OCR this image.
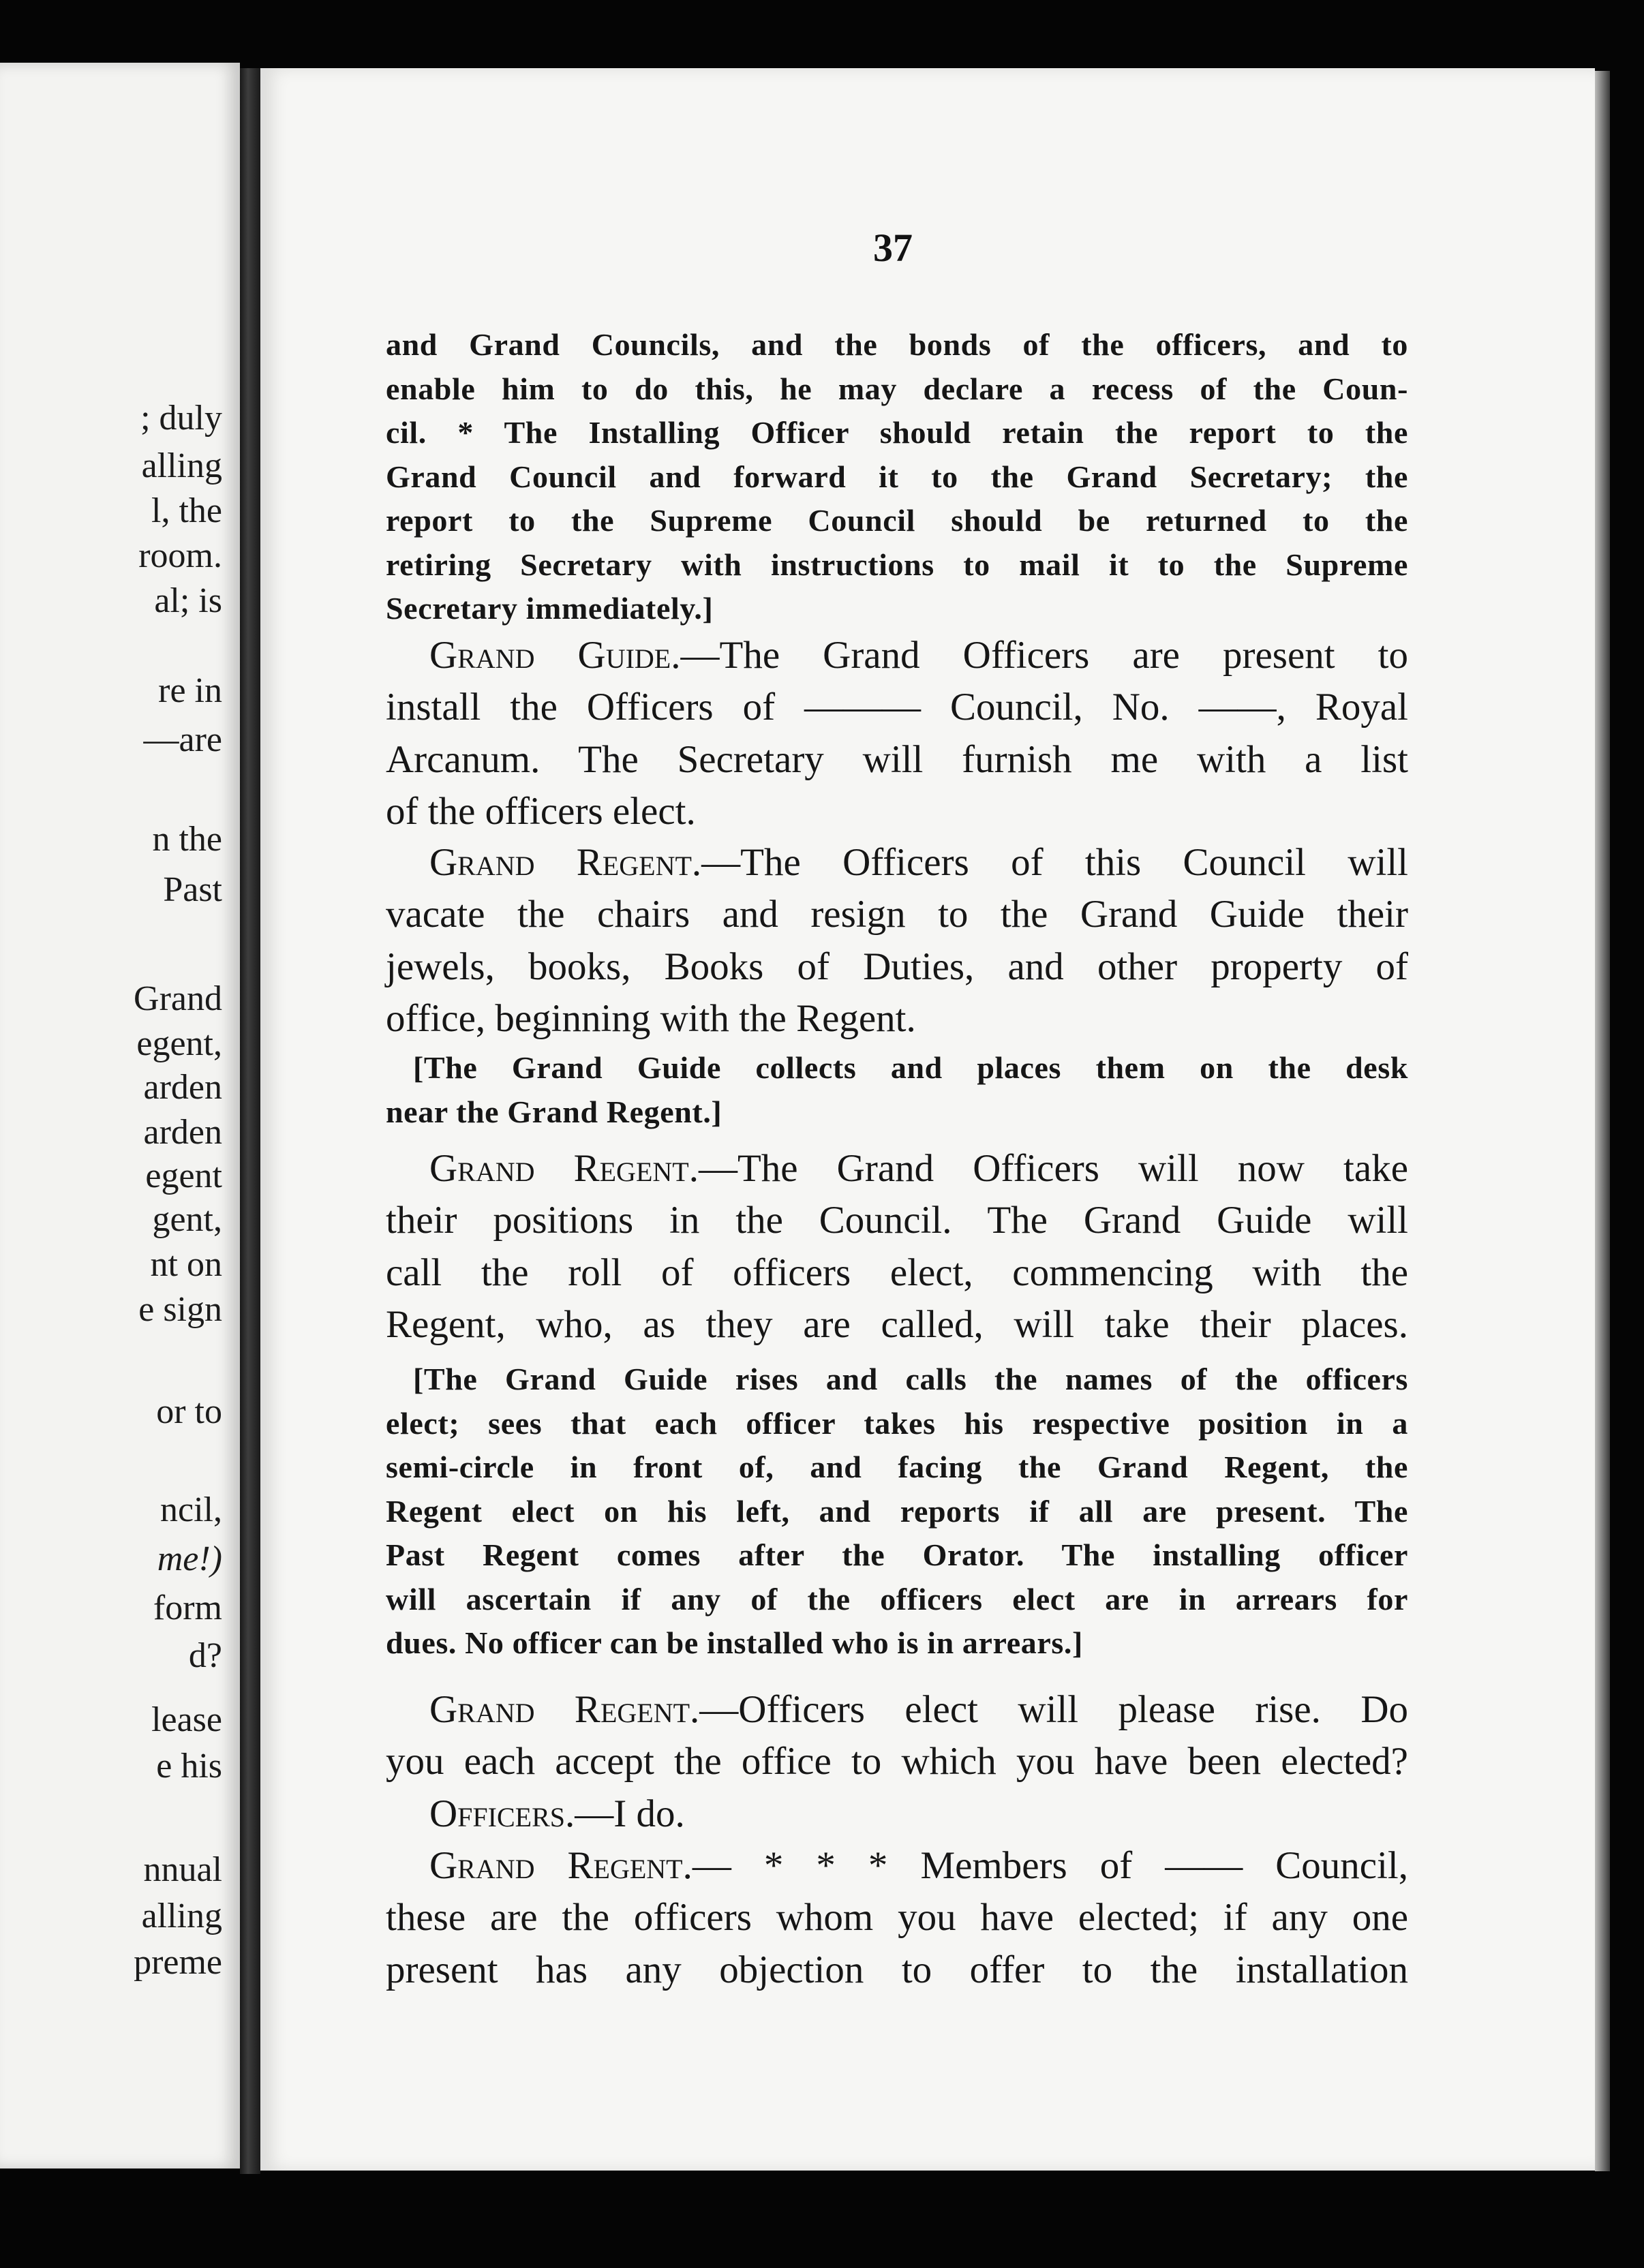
; duly
alling
l, the
room.
al; is
re in
—are
n the
Past
Grand
egent,
arden
arden
egent
gent,
nt on
e sign
or to
ncil,
me!)
form
d?
lease
e his
nnual
alling
preme
37
and Grand Councils, and the bonds of the officers, and to
enable him to do this, he may declare a recess of the Coun-
cil. * The Installing Officer should retain the report to the
Grand Council and forward it to the Grand Secretary; the
report to the Supreme Council should be returned to the
retiring Secretary with instructions to mail it to the Supreme
Secretary immediately.]
Grand Guide.—The Grand Officers are present to
install the Officers of ——— Council, No. ——, Royal
Arcanum. The Secretary will furnish me with a list
of the officers elect.
Grand Regent.—The Officers of this Council will
vacate the chairs and resign to the Grand Guide their
jewels, books, Books of Duties, and other property of
office, beginning with the Regent.
[The Grand Guide collects and places them on the desk
near the Grand Regent.]
Grand Regent.—The Grand Officers will now take
their positions in the Council. The Grand Guide will
call the roll of officers elect, commencing with the
Regent, who, as they are called, will take their places.
[The Grand Guide rises and calls the names of the officers
elect; sees that each officer takes his respective position in a
semi-circle in front of, and facing the Grand Regent, the
Regent elect on his left, and reports if all are present. The
Past Regent comes after the Orator. The installing officer
will ascertain if any of the officers elect are in arrears for
dues. No officer can be installed who is in arrears.]
Grand Regent.—Officers elect will please rise. Do
you each accept the office to which you have been elected?
Officers.—I do.
Grand Regent.— * * * Members of —— Council,
these are the officers whom you have elected; if any one
present has any objection to offer to the installation
